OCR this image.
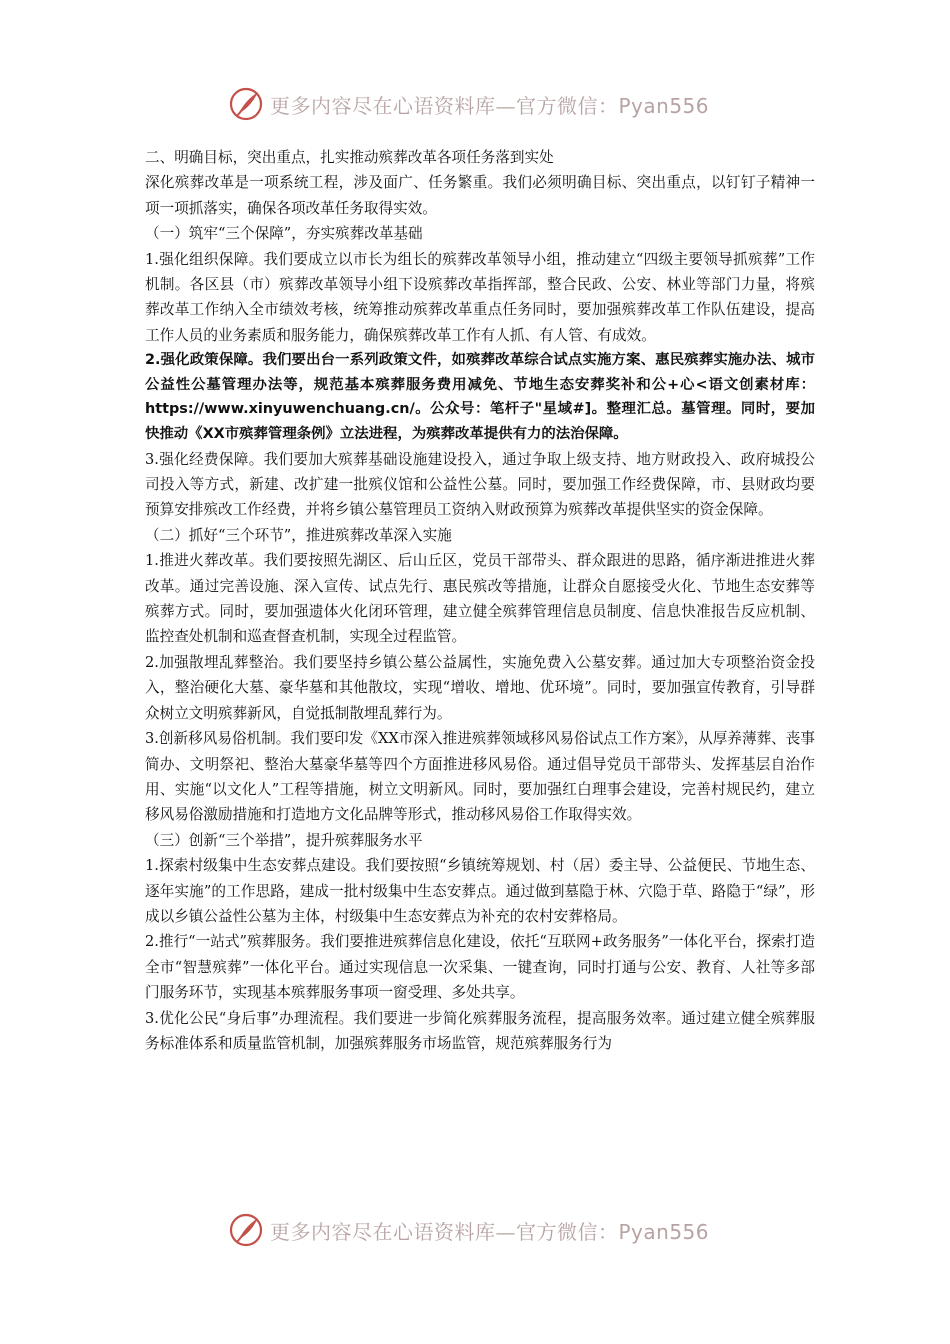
更多内容尽在心语资料库—官方微信：Pyan556

二、明确目标，突出重点，扎实推动殡葬改革各项任务落到实处

深化殡葬改革是一项系统工程，涉及面广、任务繁重。我们必须明确目标、突出重点，以钉钉子精神一项一项抓落实，确保各项改革任务取得实效。

（一）筑牢“三个保障”，夯实殡葬改革基础

1.强化组织保障。我们要成立以市长为组长的殡葬改革领导小组，推动建立“四级主要领导抓殡葬”工作机制。各区县（市）殡葬改革领导小组下设殡葬改革指挥部，整合民政、公安、林业等部门力量，将殡葬改革工作纳入全市绩效考核，统筹推动殡葬改革重点任务同时，要加强殡葬改革工作队伍建设，提高工作人员的业务素质和服务能力，确保殡葬改革工作有人抓、有人管、有成效。

2.强化政策保障。我们要出台一系列政策文件，如殡葬改革综合试点实施方案、惠民殡葬实施办法、城市公益性公墓管理办法等，规范基本殡葬服务费用减免、节地生态安葬奖补和公+心<语文创素材库：https://www.xinyuwenchuang.cn/。公众号：笔杆子"星域#]。整理汇总。墓管理。同时，要加快推动《XX市殡葬管理条例》立法进程，为殡葬改革提供有力的法治保障。

3.强化经费保障。我们要加大殡葬基础设施建设投入，通过争取上级支持、地方财政投入、政府城投公司投入等方式，新建、改扩建一批殡仪馆和公益性公墓。同时，要加强工作经费保障，市、县财政均要预算安排殡改工作经费，并将乡镇公墓管理员工资纳入财政预算为殡葬改革提供坚实的资金保障。

（二）抓好“三个环节”，推进殡葬改革深入实施

1.推进火葬改革。我们要按照先湖区、后山丘区，党员干部带头、群众跟进的思路，循序渐进推进火葬改革。通过完善设施、深入宣传、试点先行、惠民殡改等措施，让群众自愿接受火化、节地生态安葬等殡葬方式。同时，要加强遗体火化闭环管理，建立健全殡葬管理信息员制度、信息快准报告反应机制、监控查处机制和巡查督查机制，实现全过程监管。

2.加强散埋乱葬整治。我们要坚持乡镇公墓公益属性，实施免费入公墓安葬。通过加大专项整治资金投入，整治硬化大墓、豪华墓和其他散坟，实现“增收、增地、优环境”。同时，要加强宣传教育，引导群众树立文明殡葬新风，自觉抵制散埋乱葬行为。

3.创新移风易俗机制。我们要印发《XX市深入推进殡葬领域移风易俗试点工作方案》，从厚养薄葬、丧事简办、文明祭祀、整治大墓豪华墓等四个方面推进移风易俗。通过倡导党员干部带头、发挥基层自治作用、实施“以文化人”工程等措施，树立文明新风。同时，要加强红白理事会建设，完善村规民约，建立移风易俗激励措施和打造地方文化品牌等形式，推动移风易俗工作取得实效。

（三）创新“三个举措”，提升殡葬服务水平

1.探索村级集中生态安葬点建设。我们要按照“乡镇统筹规划、村（居）委主导、公益便民、节地生态、逐年实施”的工作思路，建成一批村级集中生态安葬点。通过做到墓隐于林、穴隐于草、路隐于“绿”，形成以乡镇公益性公墓为主体，村级集中生态安葬点为补充的农村安葬格局。

2.推行“一站式”殡葬服务。我们要推进殡葬信息化建设，依托“互联网+政务服务”一体化平台，探索打造全市“智慧殡葬”一体化平台。通过实现信息一次采集、一键查询，同时打通与公安、教育、人社等多部门服务环节，实现基本殡葬服务事项一窗受理、多处共享。

3.优化公民“身后事”办理流程。我们要进一步简化殡葬服务流程，提高服务效率。通过建立健全殡葬服务标准体系和质量监管机制，加强殡葬服务市场监管，规范殡葬服务行为

更多内容尽在心语资料库—官方微信：Pyan556
